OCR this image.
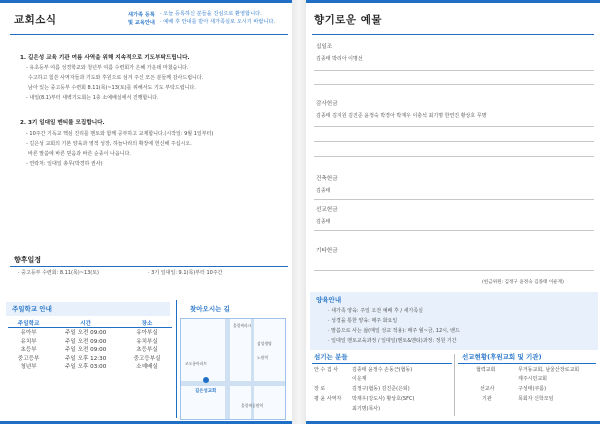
교회소식	새가족 등록
및 교육안내
· 오늘 등록하신 분들을 진심으로 환영합니다.
· 예배 후 안내를 받아 새가족실로 오시기 바랍니다.
1. 길은성 교육 기관 여름 사역을 위해 지속적으로 기도부탁드립니다.
- 유초등부 여름 성경학교와 청년부 여름 수련회가 은혜 가운데 마쳤습니다.
수고하고 힘쓴 사역자들과 기도와 후원으로 섬겨 주신 모든 분들께 감사드립니다.
남아 있는 중고등부 수련회 8.11(목)~13(토)를 위해서도 기도 부탁드립니다.
- 내일(8.1)부터 새벽기도회는 1층 소예배실에서 진행합니다.
2. 3기 일대일 멘티를 모집합니다.
- 10주간 기독교 핵심 진리를 멘토와 함께 공부하고 교제합니다.(시작일: 9월 1일부터)
- 길은성 교회의 기본 양육과 영적 성장, 하늘나라의 확장에 헌신해 주십시오.
바른 말씀에 바른 믿음과 바른 순종이 나옵니다.
- 연락처: 일대일 총무(박경하 권사)
향후일정
· 중고등부 수련회: 8.11(목)~13(토)	· 3기 일대일: 9.1(목)부터 10주간
주일학교 안내
주일학교	시간	장소
유아부	주일 오전 09:00	유아부실
유치부	주일 오전 09:00	유치부실
초등부	주일 오전 09:00	초등부실
중고등부	주일 오후 12:30	중고등부실
청년부	주일 오후 03:00	소예배실
찾아오시는 길
올림픽파크
삼성생명
노원역
코오롱아파트
올림픽공원역
길은성교회
향기로운 예물
십일조
김종태 박리아 이명선
감사헌금
김종태 김지원 김진준 윤정숙 박경아 박재우 이충석 최기명 한연진 황상호 무명
건축헌금
김종태
선교헌금
김종태
기타헌금
(헌금위원: 김정구 윤정숙 김종태 이운재)
양육안내
· 새가족 양육: 주일 오전 예배 후 / 새가족실
· 성경을 통한 양육: 매주 화요일
· 말씀으로 사는 삶(매일 성교 적용): 매주 월~금, 12시, 밴드
· 일대일 멘토교육과정 / 일대일(멘토&멘티)과정: 정원 기간
섬기는 분들
안 수 집 사	김종태 윤정수 손동근(협동)
이운재
장 로	김정구(협동) 김진준(은퇴)
평 윤 사역자 박재우(강도사) 황상호(SFC)
최기명(목사)
선교현황(후원교회 및 기관)
협력교회	무거동교회, 남울산장로교회
제주시민교회
선교사	구성태(쿠롬)
기관	목회자 신학모임
